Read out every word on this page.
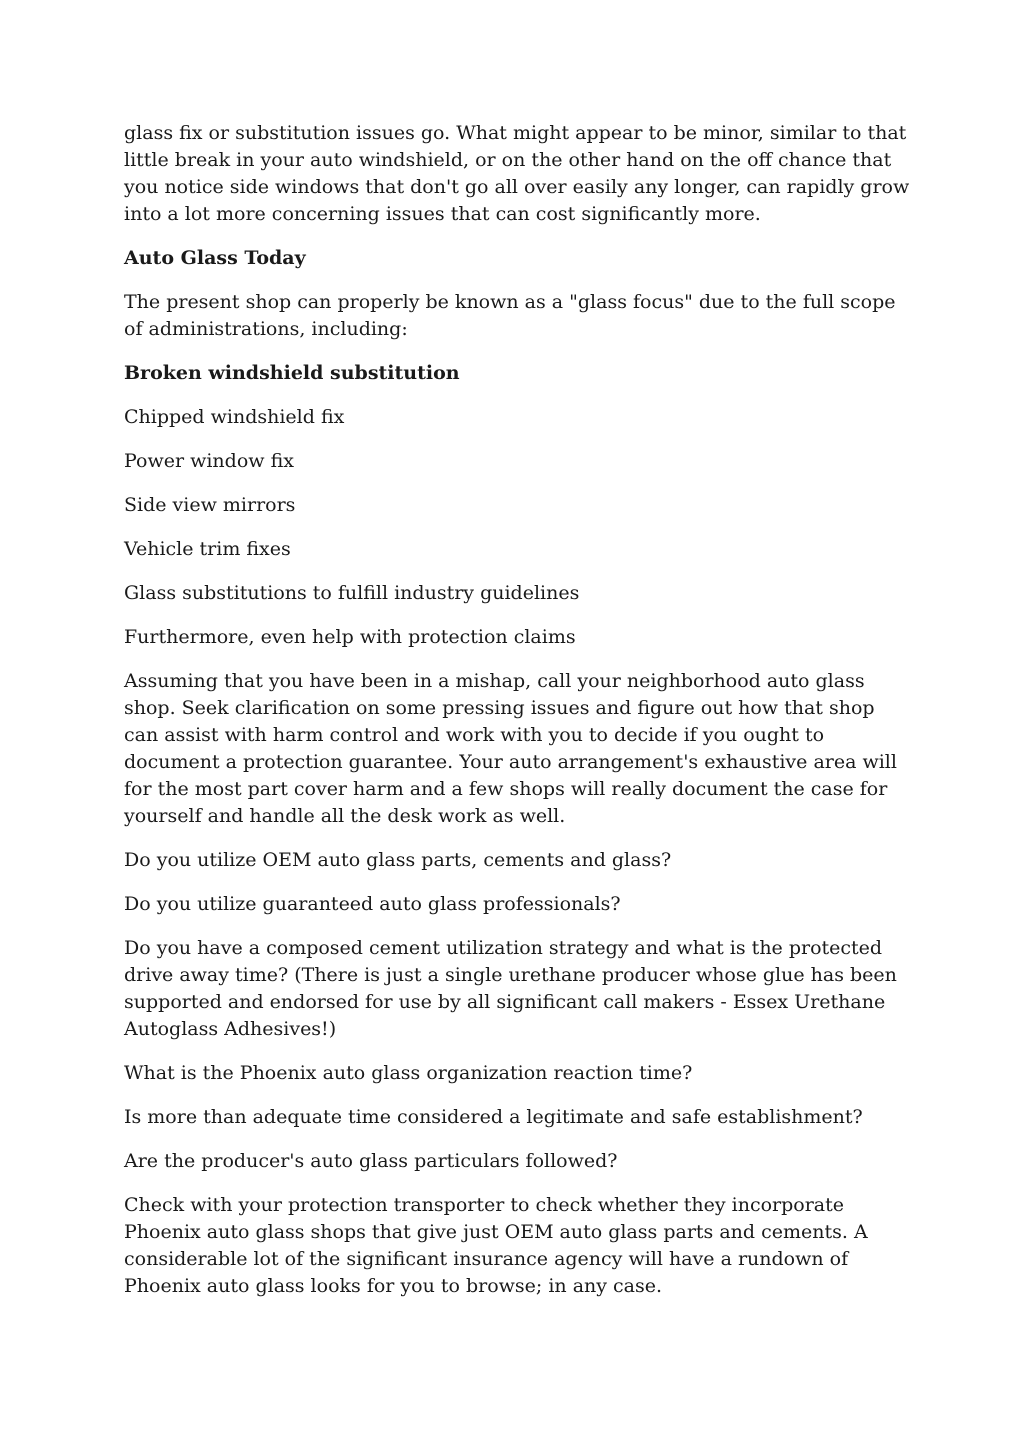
glass fix or substitution issues go. What might appear to be minor, similar to that little break in your auto windshield, or on the other hand on the off chance that you notice side windows that don't go all over easily any longer, can rapidly grow into a lot more concerning issues that can cost significantly more.

Auto Glass Today

The present shop can properly be known as a "glass focus" due to the full scope of administrations, including:

Broken windshield substitution

Chipped windshield fix

Power window fix

Side view mirrors

Vehicle trim fixes

Glass substitutions to fulfill industry guidelines

Furthermore, even help with protection claims

Assuming that you have been in a mishap, call your neighborhood auto glass shop. Seek clarification on some pressing issues and figure out how that shop can assist with harm control and work with you to decide if you ought to document a protection guarantee. Your auto arrangement's exhaustive area will for the most part cover harm and a few shops will really document the case for yourself and handle all the desk work as well.

Do you utilize OEM auto glass parts, cements and glass?

Do you utilize guaranteed auto glass professionals?

Do you have a composed cement utilization strategy and what is the protected drive away time? (There is just a single urethane producer whose glue has been supported and endorsed for use by all significant call makers - Essex Urethane Autoglass Adhesives!)

What is the Phoenix auto glass organization reaction time?

Is more than adequate time considered a legitimate and safe establishment?

Are the producer's auto glass particulars followed?

Check with your protection transporter to check whether they incorporate Phoenix auto glass shops that give just OEM auto glass parts and cements. A considerable lot of the significant insurance agency will have a rundown of Phoenix auto glass looks for you to browse; in any case.
